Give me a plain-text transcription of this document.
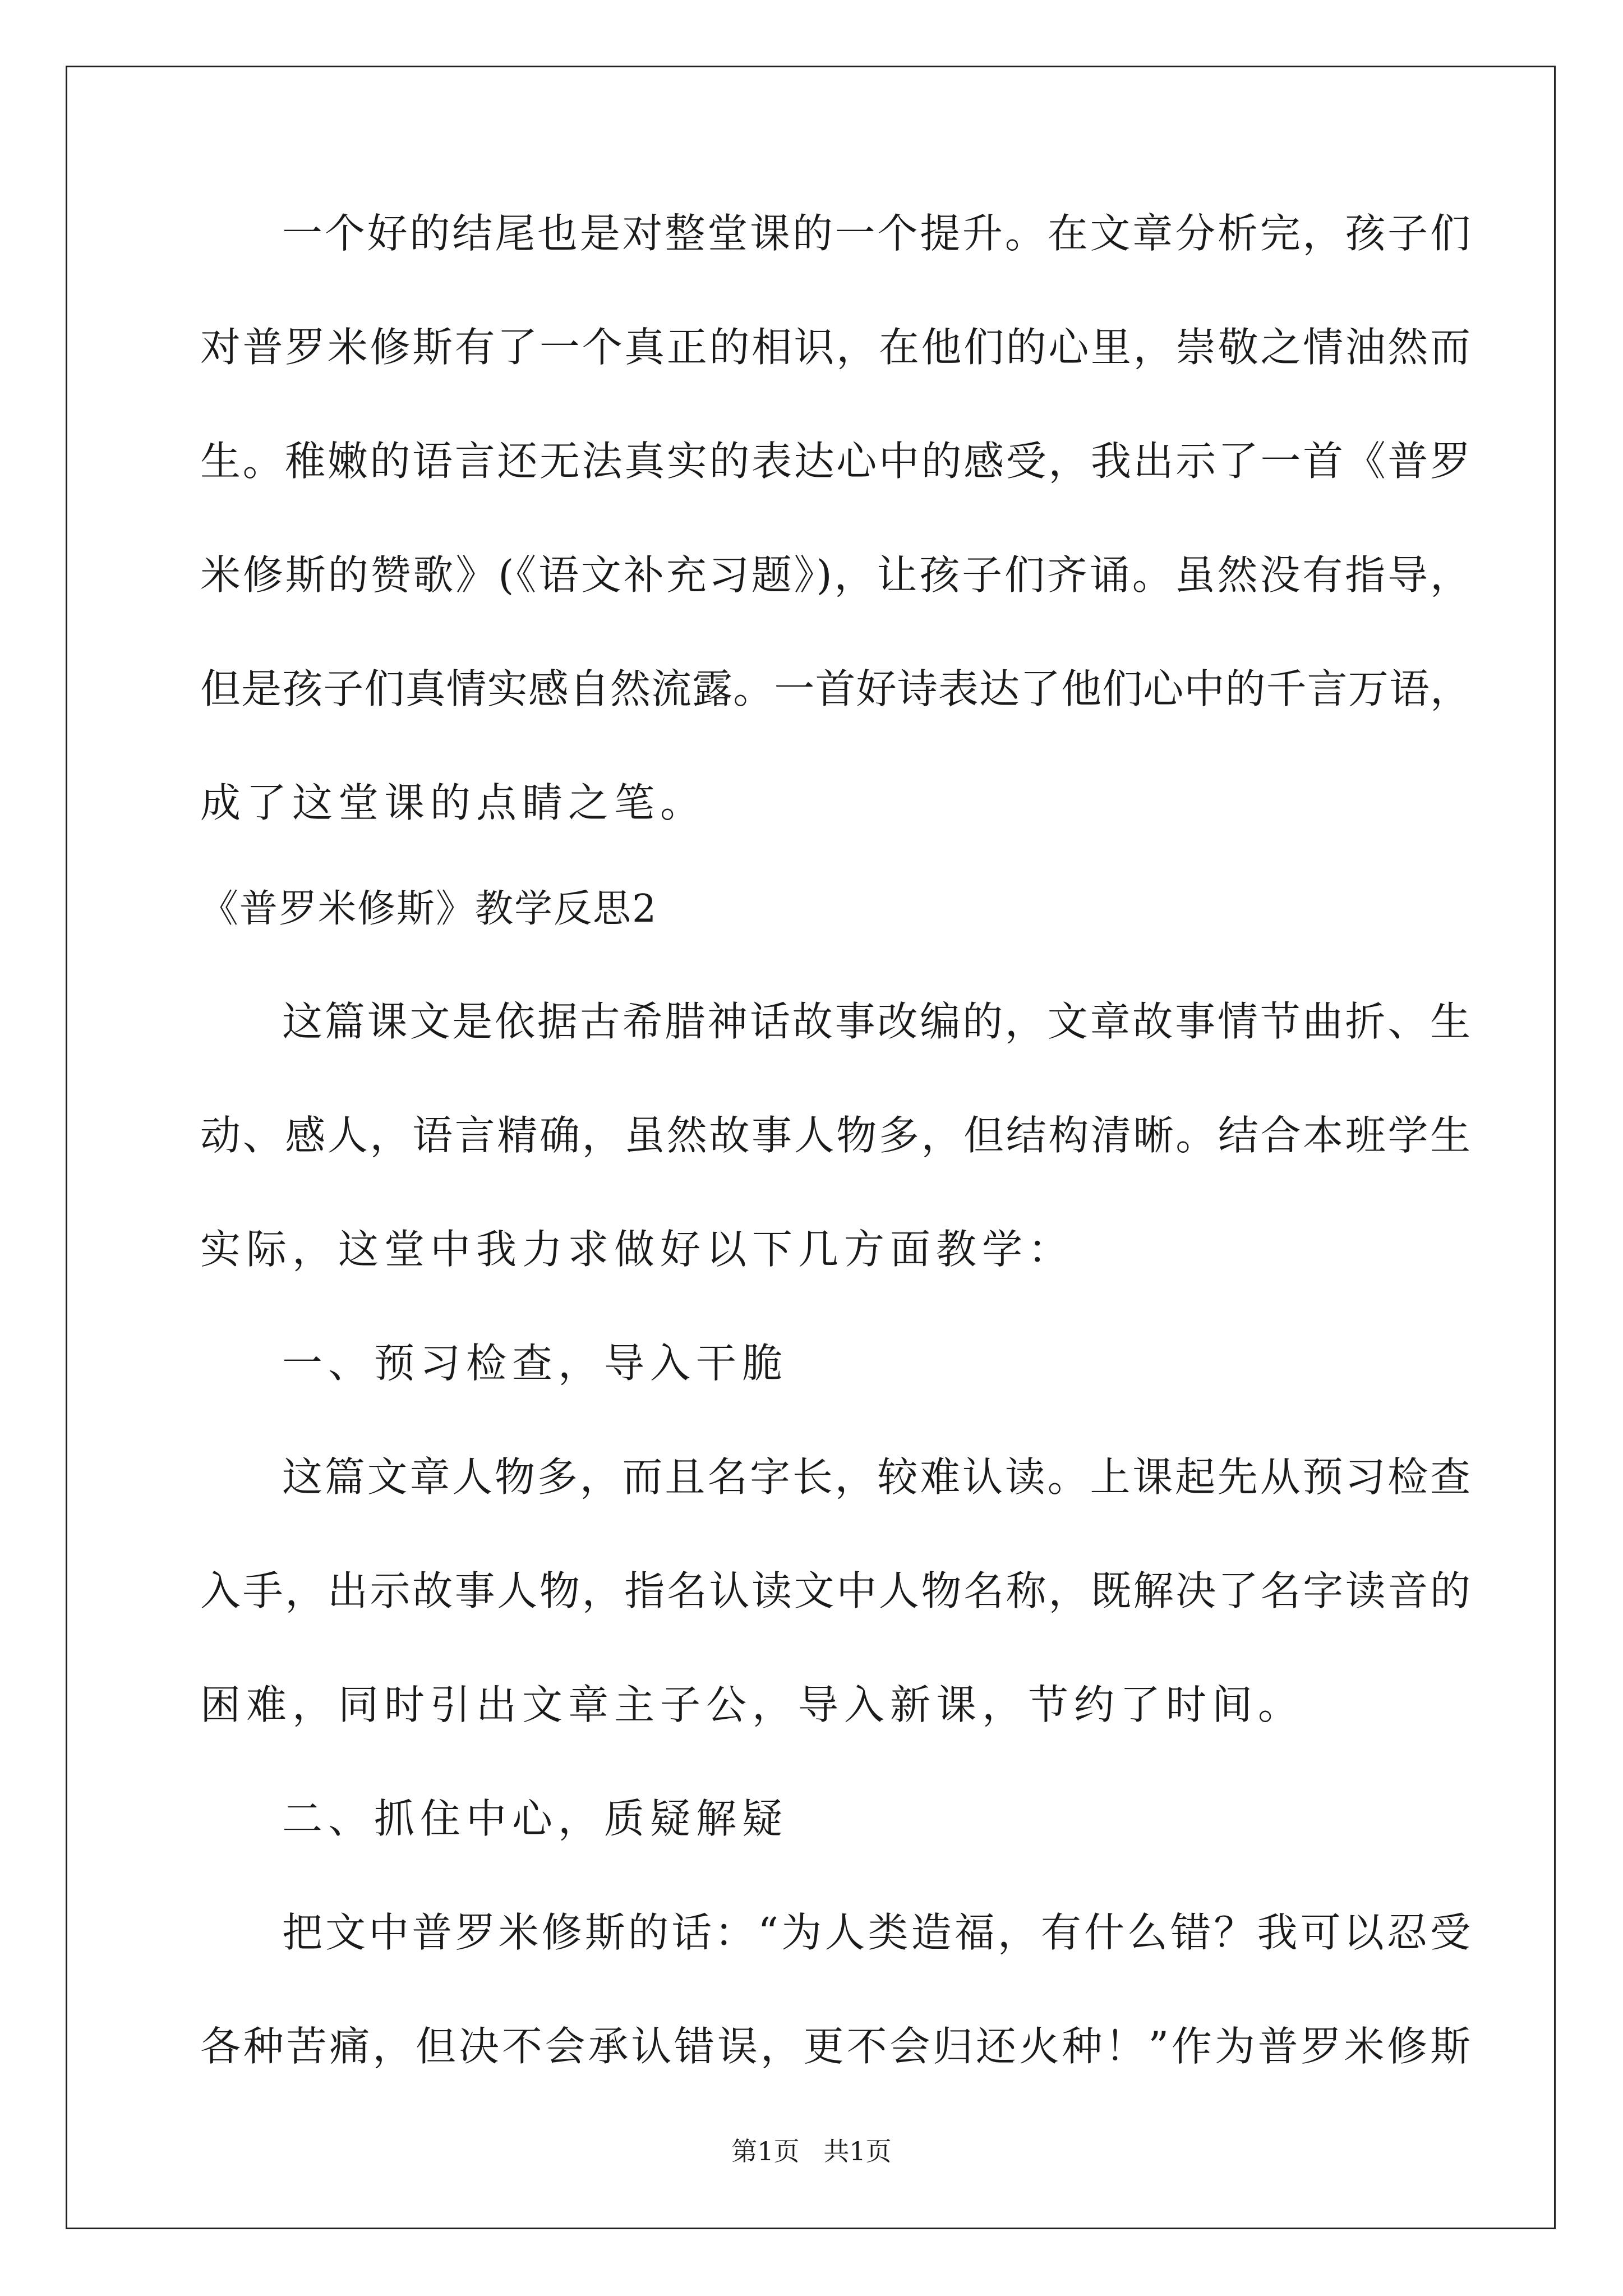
一个好的结尾也是对整堂课的一个提升。在文章分析完，孩子们
对普罗米修斯有了一个真正的相识，在他们的心里，崇敬之情油然而
生。稚嫩的语言还无法真实的表达心中的感受，我出示了一首《普罗
米修斯的赞歌》(《语文补充习题》)，让孩子们齐诵。虽然没有指导，
但是孩子们真情实感自然流露。一首好诗表达了他们心中的千言万语，
成了这堂课的点睛之笔。
《普罗米修斯》教学反思2
这篇课文是依据古希腊神话故事改编的，文章故事情节曲折、生
动、感人，语言精确，虽然故事人物多，但结构清晰。结合本班学生
实际，这堂中我力求做好以下几方面教学：
一、预习检查，导入干脆
这篇文章人物多，而且名字长，较难认读。上课起先从预习检查
入手，出示故事人物，指名认读文中人物名称，既解决了名字读音的
困难，同时引出文章主子公，导入新课，节约了时间。
二、抓住中心，质疑解疑
把文中普罗米修斯的话：“为人类造福，有什么错？我可以忍受
各种苦痛，但决不会承认错误，更不会归还火种！”作为普罗米修斯
第1页 共1页
